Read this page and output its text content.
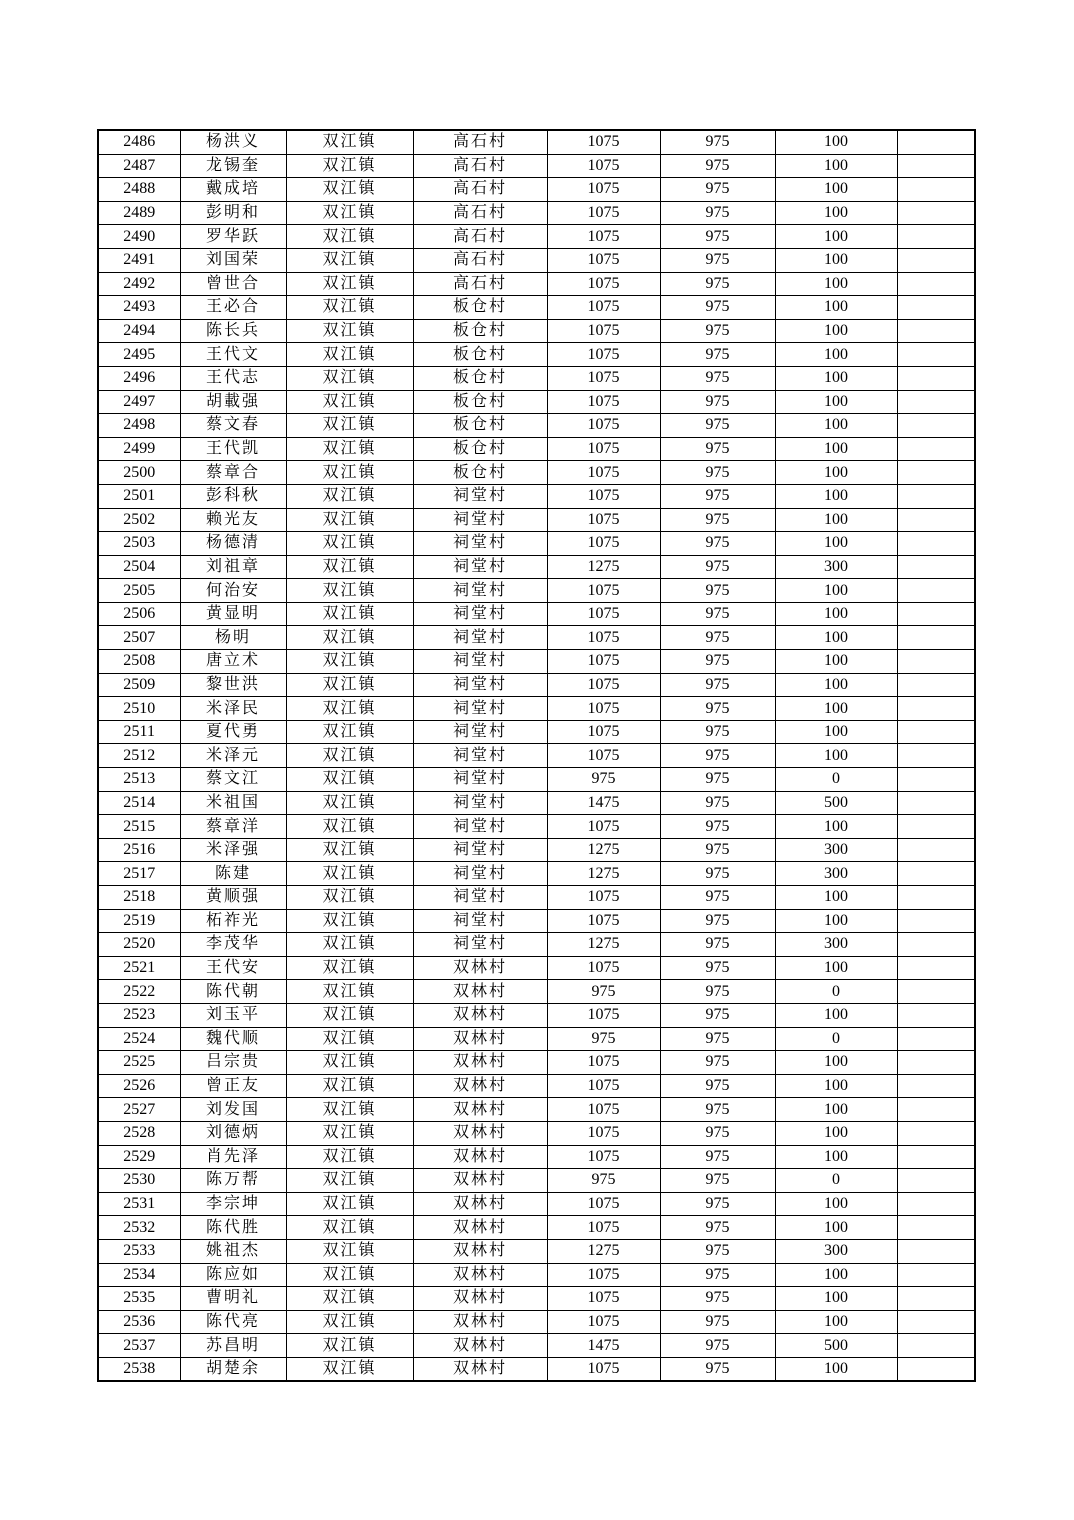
2486	杨洪义	双江镇	高石村	1075	975	100	
2487	龙锡奎	双江镇	高石村	1075	975	100	
2488	戴成培	双江镇	高石村	1075	975	100	
2489	彭明和	双江镇	高石村	1075	975	100	
2490	罗华跃	双江镇	高石村	1075	975	100	
2491	刘国荣	双江镇	高石村	1075	975	100	
2492	曾世合	双江镇	高石村	1075	975	100	
2493	王必合	双江镇	板仓村	1075	975	100	
2494	陈长兵	双江镇	板仓村	1075	975	100	
2495	王代文	双江镇	板仓村	1075	975	100	
2496	王代志	双江镇	板仓村	1075	975	100	
2497	胡載强	双江镇	板仓村	1075	975	100	
2498	蔡文春	双江镇	板仓村	1075	975	100	
2499	王代凯	双江镇	板仓村	1075	975	100	
2500	蔡章合	双江镇	板仓村	1075	975	100	
2501	彭科秋	双江镇	祠堂村	1075	975	100	
2502	赖光友	双江镇	祠堂村	1075	975	100	
2503	杨德清	双江镇	祠堂村	1075	975	100	
2504	刘祖章	双江镇	祠堂村	1275	975	300	
2505	何治安	双江镇	祠堂村	1075	975	100	
2506	黄显明	双江镇	祠堂村	1075	975	100	
2507	杨明	双江镇	祠堂村	1075	975	100	
2508	唐立术	双江镇	祠堂村	1075	975	100	
2509	黎世洪	双江镇	祠堂村	1075	975	100	
2510	米泽民	双江镇	祠堂村	1075	975	100	
2511	夏代勇	双江镇	祠堂村	1075	975	100	
2512	米泽元	双江镇	祠堂村	1075	975	100	
2513	蔡文江	双江镇	祠堂村	975	975	0	
2514	米祖国	双江镇	祠堂村	1475	975	500	
2515	蔡章洋	双江镇	祠堂村	1075	975	100	
2516	米泽强	双江镇	祠堂村	1275	975	300	
2517	陈建	双江镇	祠堂村	1275	975	300	
2518	黄顺强	双江镇	祠堂村	1075	975	100	
2519	柘祚光	双江镇	祠堂村	1075	975	100	
2520	李茂华	双江镇	祠堂村	1275	975	300	
2521	王代安	双江镇	双林村	1075	975	100	
2522	陈代朝	双江镇	双林村	975	975	0	
2523	刘玉平	双江镇	双林村	1075	975	100	
2524	魏代顺	双江镇	双林村	975	975	0	
2525	吕宗贵	双江镇	双林村	1075	975	100	
2526	曾正友	双江镇	双林村	1075	975	100	
2527	刘发国	双江镇	双林村	1075	975	100	
2528	刘德炳	双江镇	双林村	1075	975	100	
2529	肖先泽	双江镇	双林村	1075	975	100	
2530	陈万帮	双江镇	双林村	975	975	0	
2531	李宗坤	双江镇	双林村	1075	975	100	
2532	陈代胜	双江镇	双林村	1075	975	100	
2533	姚祖杰	双江镇	双林村	1275	975	300	
2534	陈应如	双江镇	双林村	1075	975	100	
2535	曹明礼	双江镇	双林村	1075	975	100	
2536	陈代亮	双江镇	双林村	1075	975	100	
2537	苏昌明	双江镇	双林村	1475	975	500	
2538	胡楚余	双江镇	双林村	1075	975	100	
